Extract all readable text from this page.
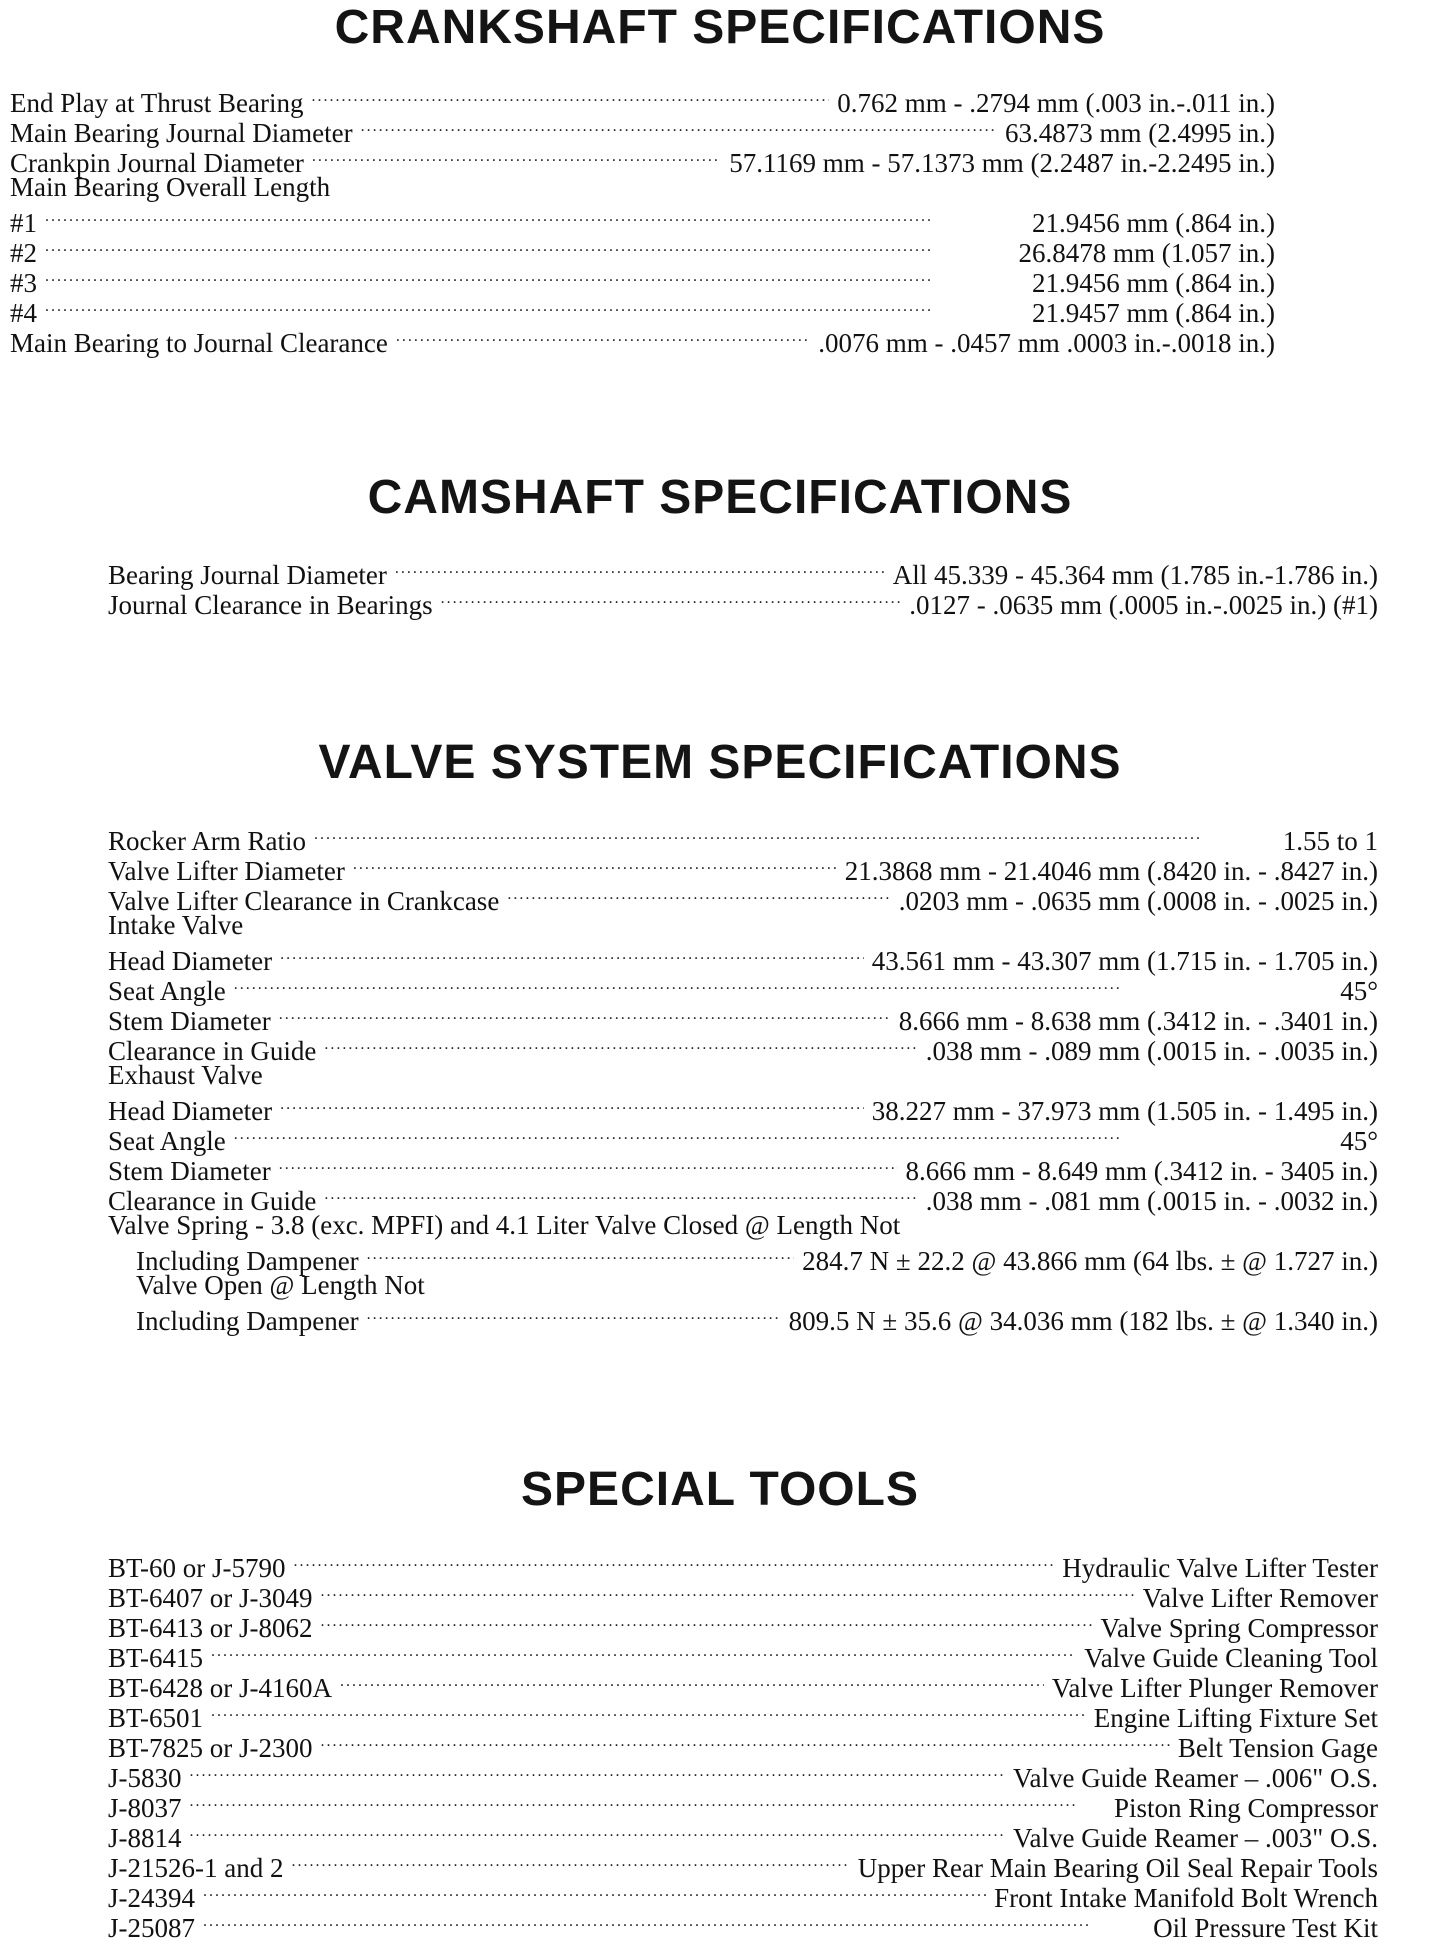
CRANKSHAFT SPECIFICATIONS
End Play at Thrust Bearing . . .	0.762 mm - .2794 mm (.003 in.-.011 in.)
Main Bearing Journal Diameter . . .	63.4873 mm (2.4995 in.)
Crankpin Journal Diameter . . .	57.1169 mm - 57.1373 mm (2.2487 in.-2.2495 in.)
Main Bearing Overall Length
#1 . . .	21.9456 mm (.864 in.)
#2 . . .	26.8478 mm (1.057 in.)
#3 . . .	21.9456 mm (.864 in.)
#4 . . .	21.9457 mm (.864 in.)
Main Bearing to Journal Clearance . . .	.0076 mm - .0457 mm .0003 in.-.0018 in.)
CAMSHAFT SPECIFICATIONS
Bearing Journal Diameter . . .	All 45.339 - 45.364 mm (1.785 in.-1.786 in.)
Journal Clearance in Bearings . . .	.0127 - .0635 mm (.0005 in.-.0025 in.) (#1)
VALVE SYSTEM SPECIFICATIONS
Rocker Arm Ratio . . .	1.55 to 1
Valve Lifter Diameter . . .	21.3868 mm - 21.4046 mm (.8420 in. - .8427 in.)
Valve Lifter Clearance in Crankcase . . .	.0203 mm - .0635 mm (.0008 in. - .0025 in.)
Intake Valve
Head Diameter . . .	43.561 mm - 43.307 mm (1.715 in. - 1.705 in.)
Seat Angle . . .	45°
Stem Diameter . . .	8.666 mm - 8.638 mm (.3412 in. - .3401 in.)
Clearance in Guide . . .	.038 mm - .089 mm (.0015 in. - .0035 in.)
Exhaust Valve
Head Diameter . . .	38.227 mm - 37.973 mm (1.505 in. - 1.495 in.)
Seat Angle . . .	45°
Stem Diameter . . .	8.666 mm - 8.649 mm (.3412 in. - 3405 in.)
Clearance in Guide . . .	.038 mm - .081 mm (.0015 in. - .0032 in.)
Valve Spring - 3.8 (exc. MPFI) and 4.1 Liter Valve Closed @ Length Not
Including Dampener . . .	284.7 N ± 22.2 @ 43.866 mm (64 lbs. ± @ 1.727 in.)
Valve Open @ Length Not
Including Dampener . . .	809.5 N ± 35.6 @ 34.036 mm (182 lbs. ± @ 1.340 in.)
SPECIAL TOOLS
BT-60 or J-5790 . . .	Hydraulic Valve Lifter Tester
BT-6407 or J-3049 . . .	Valve Lifter Remover
BT-6413 or J-8062 . . .	Valve Spring Compressor
BT-6415 . . .	Valve Guide Cleaning Tool
BT-6428 or J-4160A . . .	Valve Lifter Plunger Remover
BT-6501 . . .	Engine Lifting Fixture Set
BT-7825 or J-2300 . . .	Belt Tension Gage
J-5830 . . .	Valve Guide Reamer – .006" O.S.
J-8037 . . .	Piston Ring Compressor
J-8814 . . .	Valve Guide Reamer – .003" O.S.
J-21526-1 and 2 . . .	Upper Rear Main Bearing Oil Seal Repair Tools
J-24394 . . .	Front Intake Manifold Bolt Wrench
J-25087 . . .	Oil Pressure Test Kit
